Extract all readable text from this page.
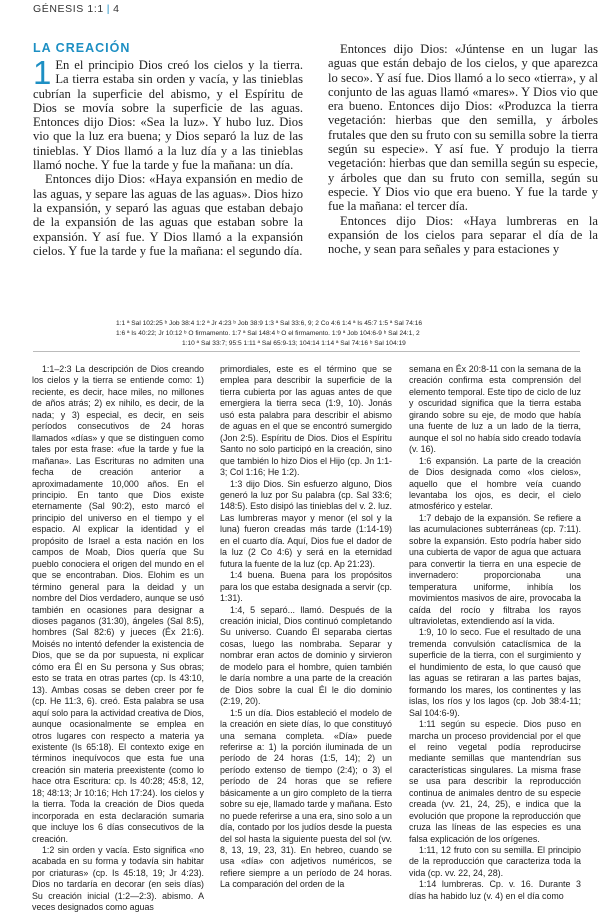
GÉNESIS 1:1 | 4
LA CREACIÓN

1 En el principio Dios creó los cielos y la tierra. La tierra estaba sin orden y vacía, y las tinieblas cubrían la superficie del abismo, y el Espíritu de Dios se movía sobre la superficie de las aguas. Entonces dijo Dios: «Sea la luz». Y hubo luz. Dios vio que la luz era buena; y Dios separó la luz de las tinieblas. Y Dios llamó a la luz día y a las tinieblas llamó noche. Y fue la tarde y fue la mañana: un día.

Entonces dijo Dios: «Haya expansión en medio de las aguas, y separe las aguas de las aguas». Dios hizo la expansión, y separó las aguas que estaban debajo de la expansión de las aguas que estaban sobre la expansión. Y así fue. Y Dios llamó a la expansión cielos. Y fue la tarde y fue la mañana: el segundo día.

Entonces dijo Dios: «Júntense en un lugar las aguas que están debajo de los cielos, y que aparezca lo seco». Y así fue. Dios llamó a lo seco «tierra», y al conjunto de las aguas llamó «mares». Y Dios vio que era bueno. Entonces dijo Dios: «Produzca la tierra vegetación: hierbas que den semilla, y árboles frutales que den su fruto con su semilla sobre la tierra según su especie». Y así fue. Y produjo la tierra vegetación: hierbas que dan semilla según su especie, y árboles que dan su fruto con semilla, según su especie. Y Dios vio que era bueno. Y fue la tarde y fue la mañana: el tercer día.

Entonces dijo Dios: «Haya lumbreras en la expansión de los cielos para separar el día de la noche, y sean para señales y para estaciones y

1:1 ª Sal 102:25 ᵇ Job 38:4 1:2 ª Jr 4:23 ᵇ Job 38:9 1:3 ª Sal 33:6, 9; 2 Co 4:6 1:4 ª Is 45:7 1:5 ª Sal 74:16
1:6 ª Is 40:22; Jr 10:12 ᵇ O firmamento. 1:7 ª Sal 148:4 ᵇ O el firmamento. 1:9 ª Job 104:6-9 ᵇ Sal 24:1, 2
1:10 ª Sal 33:7; 95:5 1:11 ª Sal 65:9-13; 104:14 1:14 ª Sal 74:16 ᵇ Sal 104:19

1:1–2:3 La descripción de Dios creando los cielos y la tierra se entiende como: 1) reciente, es decir, hace miles, no millones de años atrás; 2) ex nihilo, es decir, de la nada; y 3) especial, es decir, en seis períodos consecutivos de 24 horas llamados «días» y que se distinguen como tales por esta frase: «fue la tarde y fue la mañana». Las Escrituras no admiten una fecha de creación anterior a aproximadamente 10,000 años. En el principio. En tanto que Dios existe eternamente (Sal 90:2), esto marcó el principio del universo en el tiempo y el espacio. Al explicar la identidad y el propósito de Israel a esta nación en los campos de Moab, Dios quería que Su pueblo conociera el origen del mundo en el que se encontraban. Dios. Elohim es un término general para la deidad y un nombre del Dios verdadero, aunque se usó también en ocasiones para designar a dioses paganos (31:30), ángeles (Sal 8:5), hombres (Sal 82:6) y jueces (Éx 21:6). Moisés no intentó defender la existencia de Dios, que se da por supuesta, ni explicar cómo era Él en Su persona y Sus obras; esto se trata en otras partes (cp. Is 43:10, 13). Ambas cosas se deben creer por fe (cp. He 11:3, 6). creó. Esta palabra se usa aquí solo para la actividad creativa de Dios, aunque ocasionalmente se emplea en otros lugares con respecto a materia ya existente (Is 65:18). El contexto exige en términos inequívocos que esta fue una creación sin materia preexistente (como lo hace otra Escritura: cp. Is 40:28; 45:8, 12, 18; 48:13; Jr 10:16; Hch 17:24). los cielos y la tierra. Toda la creación de Dios queda incorporada en esta declaración sumaria que incluye los 6 días consecutivos de la creación.

1:2 sin orden y vacía. Esto significa «no acabada en su forma y todavía sin habitar por criaturas» (cp. Is 45:18, 19; Jr 4:23). Dios no tardaría en decorar (en seis días) Su creación inicial (1:2—2:3). abismo. A veces designados como aguas

primordiales, este es el término que se emplea para describir la superficie de la tierra cubierta por las aguas antes de que emergiera la tierra seca (1:9, 10). Jonás usó esta palabra para describir el abismo de aguas en el que se encontró sumergido (Jon 2:5). Espíritu de Dios. Dios el Espíritu Santo no solo participó en la creación, sino que también lo hizo Dios el Hijo (cp. Jn 1:1-3; Col 1:16; He 1:2).

1:3 dijo Dios. Sin esfuerzo alguno, Dios generó la luz por Su palabra (cp. Sal 33:6; 148:5). Esto disipó las tinieblas del v. 2. luz. Las lumbreras mayor y menor (el sol y la luna) fueron creadas más tarde (1:14-19) en el cuarto día. Aquí, Dios fue el dador de la luz (2 Co 4:6) y será en la eternidad futura la fuente de la luz (cp. Ap 21:23).

1:4 buena. Buena para los propósitos para los que estaba designada a servir (cp. 1:31).

1:4, 5 separó... llamó. Después de la creación inicial, Dios continuó completando Su universo. Cuando Él separaba ciertas cosas, luego las nombraba. Separar y nombrar eran actos de dominio y sirvieron de modelo para el hombre, quien también le daría nombre a una parte de la creación de Dios sobre la cual Él le dio dominio (2:19, 20).

1:5 un día. Dios estableció el modelo de la creación en siete días, lo que constituyó una semana completa. «Día» puede referirse a: 1) la porción iluminada de un período de 24 horas (1:5, 14); 2) un período extenso de tiempo (2:4); o 3) el período de 24 horas que se refiere básicamente a un giro completo de la tierra sobre su eje, llamado tarde y mañana. Esto no puede referirse a una era, sino solo a un día, contado por los judíos desde la puesta del sol hasta la siguiente puesta del sol (vv. 8, 13, 19, 23, 31). En hebreo, cuando se usa «día» con adjetivos numéricos, se refiere siempre a un período de 24 horas. La comparación del orden de la

semana en Éx 20:8-11 con la semana de la creación confirma esta comprensión del elemento temporal. Este tipo de ciclo de luz y oscuridad significa que la tierra estaba girando sobre su eje, de modo que había una fuente de luz a un lado de la tierra, aunque el sol no había sido creado todavía (v. 16).

1:6 expansión. La parte de la creación de Dios designada como «los cielos», aquello que el hombre veía cuando levantaba los ojos, es decir, el cielo atmosférico y estelar.

1:7 debajo de la expansión. Se refiere a las acumulaciones subterráneas (cp. 7:11). sobre la expansión. Esto podría haber sido una cubierta de vapor de agua que actuara para convertir la tierra en una especie de invernadero: proporcionaba una temperatura uniforme, inhibía los movimientos masivos de aire, provocaba la caída del rocío y filtraba los rayos ultravioletas, extendiendo así la vida.

1:9, 10 lo seco. Fue el resultado de una tremenda convulsión cataclísmica de la superficie de la tierra, con el surgimiento y el hundimiento de esta, lo que causó que las aguas se retiraran a las partes bajas, formando los mares, los continentes y las islas, los ríos y los lagos (cp. Job 38:4-11; Sal 104:6-9).

1:11 según su especie. Dios puso en marcha un proceso providencial por el que el reino vegetal podía reproducirse mediante semillas que mantendrían sus características singulares. La misma frase se usa para describir la reproducción continua de animales dentro de su especie creada (vv. 21, 24, 25), e indica que la evolución que propone la reproducción que cruza las líneas de las especies es una falsa explicación de los orígenes.

1:11, 12 fruto con su semilla. El principio de la reproducción que caracteriza toda la vida (cp. vv. 22, 24, 28).

1:14 lumbreras. Cp. v. 16. Durante 3 días ha habido luz (v. 4) en el día como
